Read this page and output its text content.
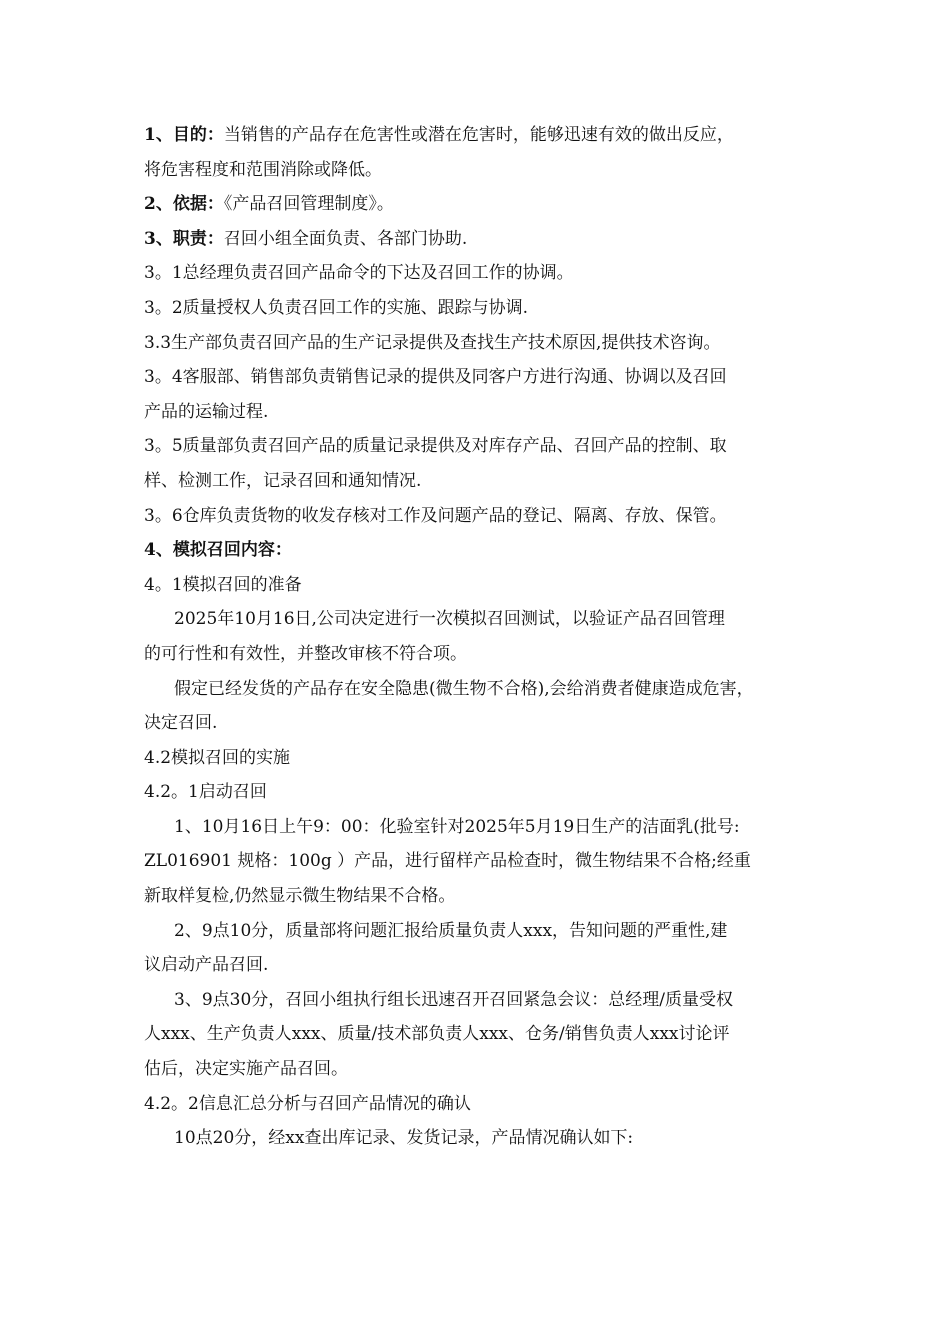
1、目的：当销售的产品存在危害性或潜在危害时，能够迅速有效的做出反应，
将危害程度和范围消除或降低。
2、依据：《产品召回管理制度》。
3、职责：召回小组全面负责、各部门协助.
3。1总经理负责召回产品命令的下达及召回工作的协调。
3。2质量授权人负责召回工作的实施、跟踪与协调.
3.3生产部负责召回产品的生产记录提供及查找生产技术原因,提供技术咨询。
3。4客服部、销售部负责销售记录的提供及同客户方进行沟通、协调以及召回
产品的运输过程.
3。5质量部负责召回产品的质量记录提供及对库存产品、召回产品的控制、取
样、检测工作，记录召回和通知情况.
3。6仓库负责货物的收发存核对工作及问题产品的登记、隔离、存放、保管。
4、模拟召回内容：
4。1模拟召回的准备
2025年10月16日,公司决定进行一次模拟召回测试，以验证产品召回管理
的可行性和有效性，并整改审核不符合项。
假定已经发货的产品存在安全隐患(微生物不合格),会给消费者健康造成危害，
决定召回.
4.2模拟召回的实施
4.2。1启动召回
1、10月16日上午9：00：化验室针对2025年5月19日生产的洁面乳(批号:
ZL016901 规格：100g ）产品，进行留样产品检查时，微生物结果不合格;经重
新取样复检,仍然显示微生物结果不合格。
2、9点10分，质量部将问题汇报给质量负责人xxx，告知问题的严重性,建
议启动产品召回.
3、9点30分，召回小组执行组长迅速召开召回紧急会议：总经理/质量受权
人xxx、生产负责人xxx、质量/技术部负责人xxx、仓务/销售负责人xxx讨论评
估后，决定实施产品召回。
4.2。2信息汇总分析与召回产品情况的确认
10点20分，经xx查出库记录、发货记录，产品情况确认如下:
